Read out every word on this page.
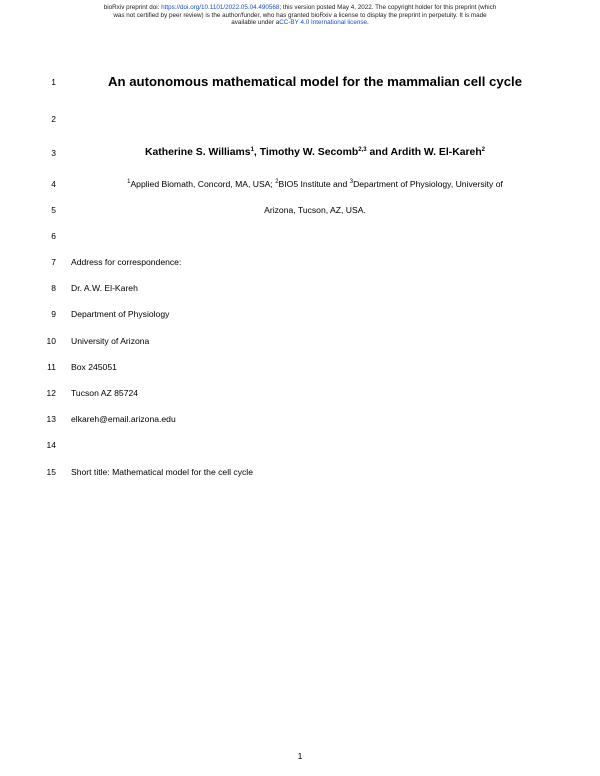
bioRxiv preprint doi: https://doi.org/10.1101/2022.05.04.490568; this version posted May 4, 2022. The copyright holder for this preprint (which
was not certified by peer review) is the author/funder, who has granted bioRxiv a license to display the preprint in perpetuity. It is made
available under aCC-BY 4.0 International license.
1	An autonomous mathematical model for the mammalian cell cycle
2
3	Katherine S. Williams$^1$, Timothy W. Secomb$^{2,3}$ and Ardith W. El-Kareh$^2$
4	$^1$Applied Biomath, Concord, MA, USA; $^2$BIO5 Institute and $^3$Department of Physiology, University of
5	Arizona, Tucson, AZ, USA.
6
7 Address for correspondence:
8 Dr. A.W. El-Kareh
9 Department of Physiology
10 University of Arizona
11 Box 245051
12 Tucson AZ 85724
13 elkareh@email.arizona.edu
14
15 Short title: Mathematical model for the cell cycle
1
